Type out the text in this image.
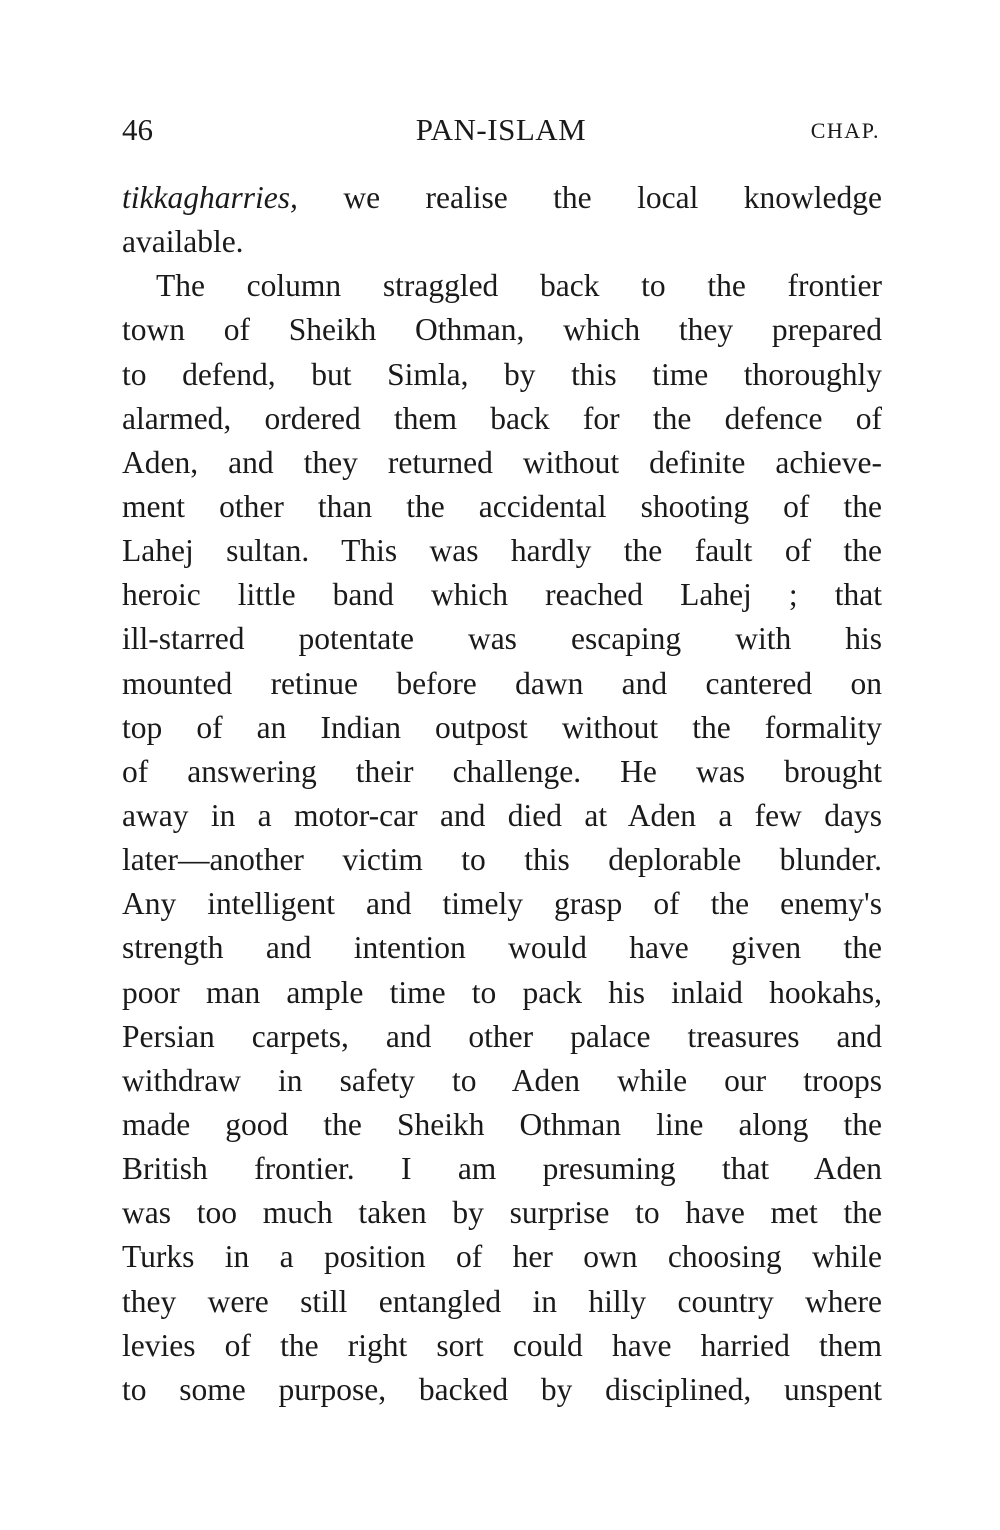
46	PAN-ISLAM	CHAP.
tikkagharries, we realise the local knowledge
available.
The column straggled back to the frontier
town of Sheikh Othman, which they prepared
to defend, but Simla, by this time thoroughly
alarmed, ordered them back for the defence of
Aden, and they returned without definite achieve-
ment other than the accidental shooting of the
Lahej sultan. This was hardly the fault of the
heroic little band which reached Lahej ; that
ill-starred potentate was escaping with his
mounted retinue before dawn and cantered on
top of an Indian outpost without the formality
of answering their challenge. He was brought
away in a motor-car and died at Aden a few days
later—another victim to this deplorable blunder.
Any intelligent and timely grasp of the enemy's
strength and intention would have given the
poor man ample time to pack his inlaid hookahs,
Persian carpets, and other palace treasures and
withdraw in safety to Aden while our troops
made good the Sheikh Othman line along the
British frontier. I am presuming that Aden
was too much taken by surprise to have met the
Turks in a position of her own choosing while
they were still entangled in hilly country where
levies of the right sort could have harried them
to some purpose, backed by disciplined, unspent
